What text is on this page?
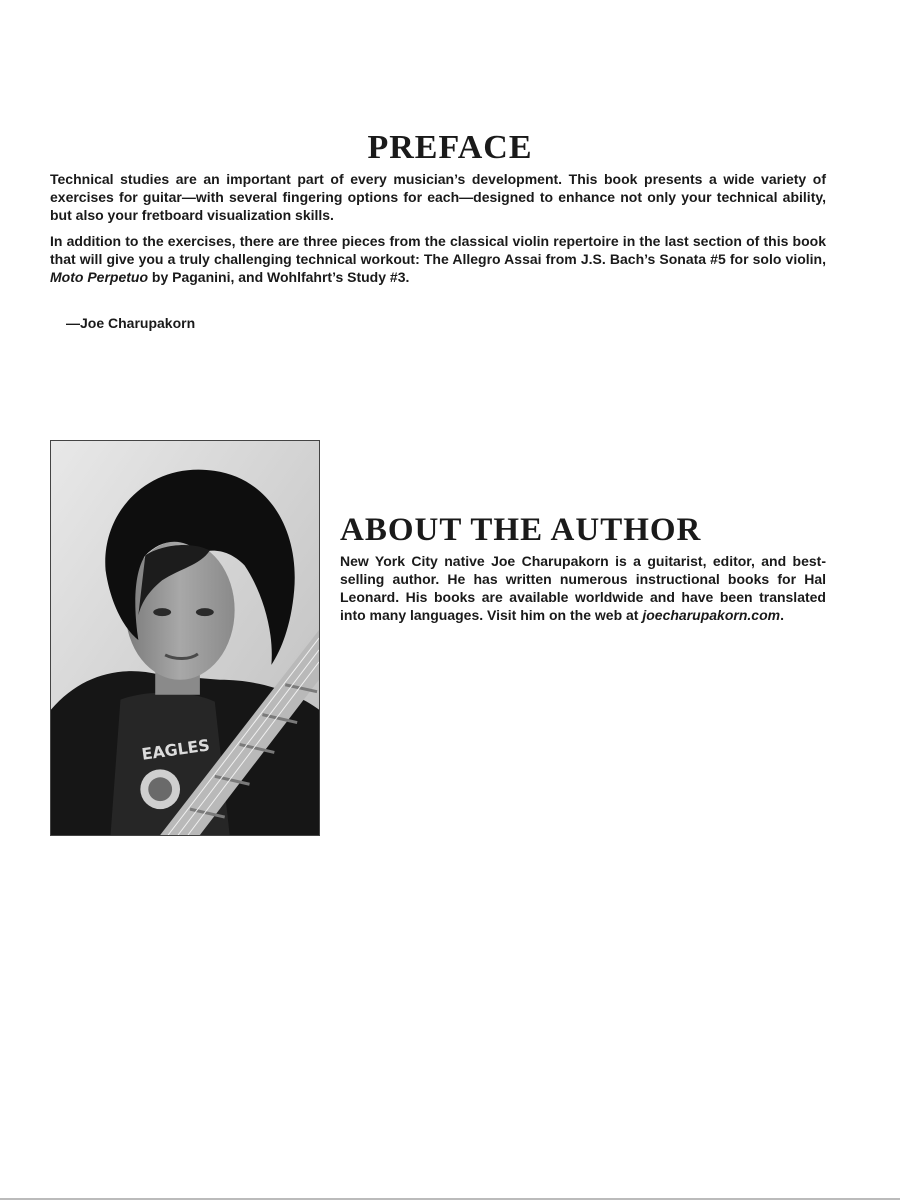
PREFACE

Technical studies are an important part of every musician’s development. This book presents a wide variety of exercises for guitar—with several fingering options for each—designed to enhance not only your technical ability, but also your fretboard visualization skills.

In addition to the exercises, there are three pieces from the classical violin repertoire in the last section of this book that will give you a truly challenging technical workout: The Allegro Assai from J.S. Bach’s Sonata #5 for solo violin, Moto Perpetuo by Paganini, and Wohlfahrt’s Study #3.

—Joe Charupakorn
EAGLES
ABOUT THE AUTHOR
New York City native Joe Charupakorn is a guitarist, editor, and best-selling author. He has written numerous instructional books for Hal Leonard. His books are available worldwide and have been translated into many languages. Visit him on the web at joecharupakorn.com.
